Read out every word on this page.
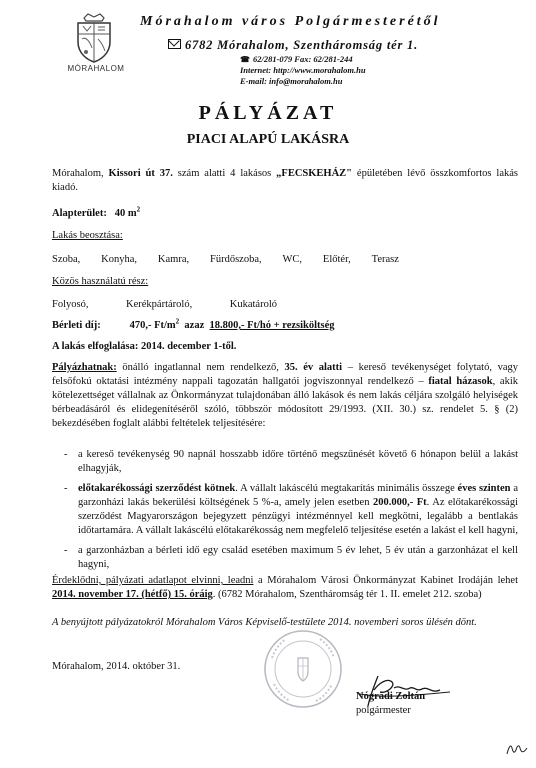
MÓRAHALOM
Mórahalom város Polgármesterétől
6782 Mórahalom, Szentháromság tér 1.
☎ 62/281-079 Fax: 62/281-244
Internet: http://www.morahalom.hu
E-mail: info@morahalom.hu
PÁLYÁZAT
PIACI ALAPÚ LAKÁSRA
Mórahalom, Kissori út 37. szám alatti 4 lakásos „FECSKEHÁZ" épületében lévő összkomfortos lakás kiadó.
Alapterület: 40 $m^2$
Lakás beosztása:
Szoba, Konyha, Kamra, Fürdőszoba, WC, Előtér, Terasz
Közös használatú rész:
Folyosó,	Kerékpártároló,	Kukatároló
Bérleti díj:	470,- $Ft/m^2$ azaz 18.800,- Ft/hó + rezsiköltség
A lakás elfoglalása: 2014. december 1-től.
Pályázhatnak: önálló ingatlannal nem rendelkező, 35. év alatti – kereső tevékenységet folytató, vagy felsőfokú oktatási intézmény nappali tagozatán hallgatói jogviszonnyal rendelkező – fiatal házasok, akik kötelezettséget vállalnak az Önkormányzat tulajdonában álló lakások és nem lakás céljára szolgáló helyiségek bérbeadásáról és elidegenítéséről szóló, többször módosított 29/1993. (XII. 30.) sz. rendelet 5. § (2) bekezdésében foglalt alábbi feltételek teljesítésére:
- a kereső tevékenység 90 napnál hosszabb időre történő megszűnését követő 6 hónapon belül a lakást elhagyják,
- előtakarékossági szerződést kötnek. A vállalt lakáscélú megtakarítás minimális összege éves szinten a garzonházi lakás bekerülési költségének 5 %-a, amely jelen esetben 200.000,- Ft. Az előtakarékossági szerződést Magyarországon bejegyzett pénzügyi intézménnyel kell megkötni, legalább a bentlakás időtartamára. A vállalt lakáscélú előtakarékosság nem megfelelő teljesítése esetén a lakást el kell hagyni,
- a garzonházban a bérleti idő egy család esetében maximum 5 év lehet, 5 év után a garzonházat el kell hagyni,
Érdeklődni, pályázati adatlapot elvinni, leadni a Mórahalom Városi Önkormányzat Kabinet Irodáján lehet 2014. november 17. (hétfő) 15. óráig. (6782 Mórahalom, Szentháromság tér 1. II. emelet 212. szoba)
A benyújtott pályázatokról Mórahalom Város Képviselő-testülete 2014. novemberi soros ülésén dönt.
Mórahalom, 2014. október 31.
Nógrádi Zoltán
polgármester
